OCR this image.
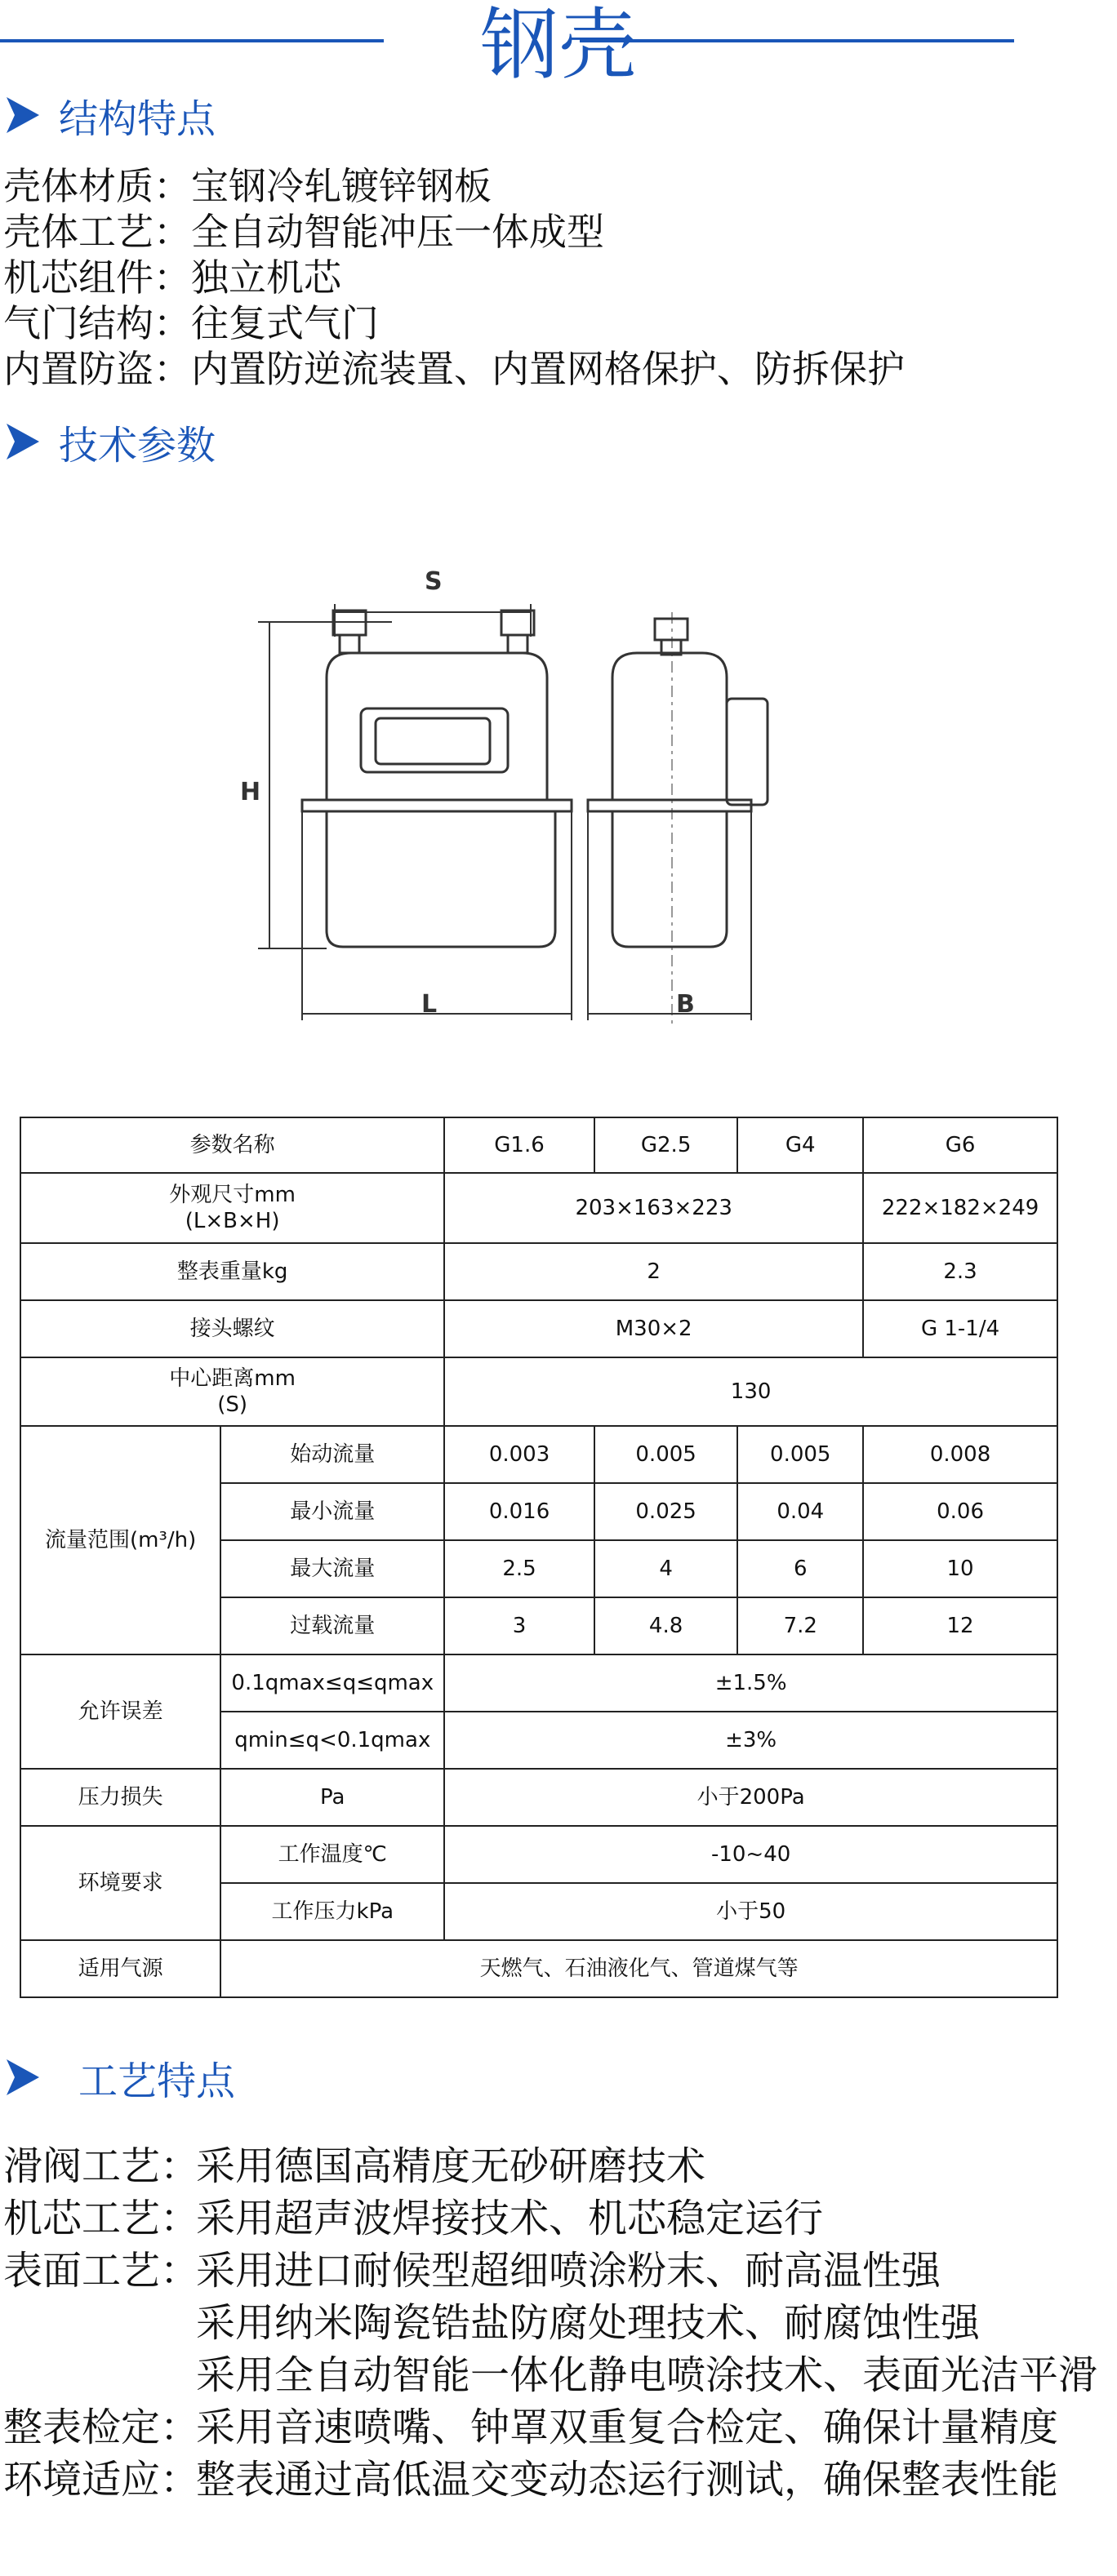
钢壳
结构特点
壳体材质：宝钢冷轧镀锌钢板
壳体工艺：全自动智能冲压一体成型
机芯组件：独立机芯
气门结构：往复式气门
内置防盗：内置防逆流装置、内置网格保护、防拆保护
技术参数
S
H
L	B
参数名称		G1.6	G2.5	G4	G6
外观尺寸mm
(L×B×H)		203×163×223			222×182×249
整表重量kg		2			2.3
接头螺纹		M30×2			G 1-1/4
中心距离mm
(S)		130			
流量范围(m³/h)	始动流量	0.003	0.005	0.005	0.008
	最小流量	0.016	0.025	0.04	0.06
	最大流量	2.5	4	6	10
	过载流量	3	4.8	7.2	12
允许误差	0.1qmax≤q≤qmax	±1.5%			
	qmin≤q<0.1qmax	±3%			
压力损失	Pa	小于200Pa			
环境要求	工作温度℃	-10~40			
	工作压力kPa	小于50			
适用气源	天燃气、石油液化气、管道煤气等				
工艺特点
滑阀工艺：采用德国高精度无砂研磨技术
机芯工艺：采用超声波焊接技术、机芯稳定运行
表面工艺：采用进口耐候型超细喷涂粉末、耐高温性强
采用纳米陶瓷锆盐防腐处理技术、耐腐蚀性强
采用全自动智能一体化静电喷涂技术、表面光洁平滑
整表检定：采用音速喷嘴、钟罩双重复合检定、确保计量精度
环境适应：整表通过高低温交变动态运行测试，确保整表性能
